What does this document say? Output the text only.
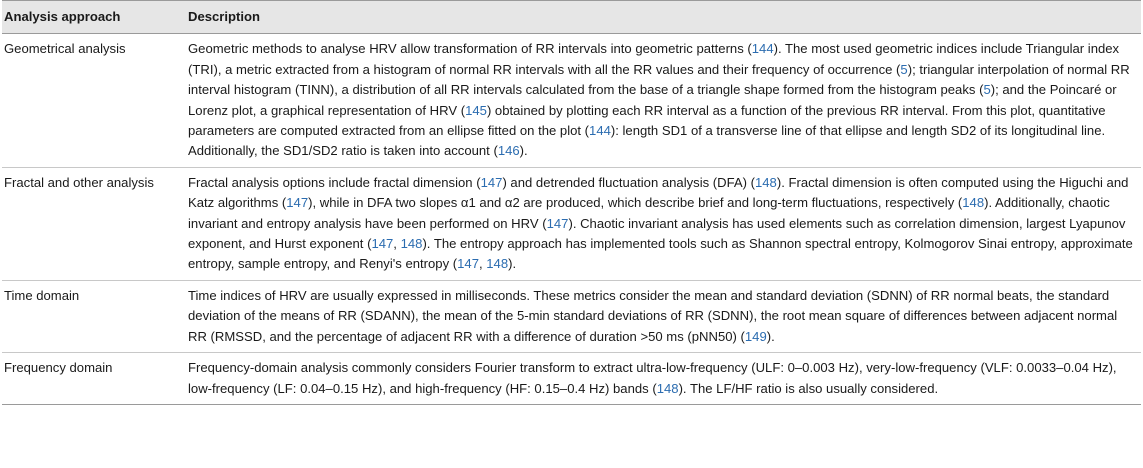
Analysis approach	Description
Geometrical analysis	Geometric methods to analyse HRV allow transformation of RR intervals into geometric patterns (144). The most used geometric indices include Triangular index (TRI), a metric extracted from a histogram of normal RR intervals with all the RR values and their frequency of occurrence (5); triangular interpolation of normal RR interval histogram (TINN), a distribution of all RR intervals calculated from the base of a triangle shape formed from the histogram peaks (5); and the Poincaré or Lorenz plot, a graphical representation of HRV (145) obtained by plotting each RR interval as a function of the previous RR interval. From this plot, quantitative parameters are computed extracted from an ellipse fitted on the plot (144): length SD1 of a transverse line of that ellipse and length SD2 of its longitudinal line. Additionally, the SD1/SD2 ratio is taken into account (146).
Fractal and other analysis	Fractal analysis options include fractal dimension (147) and detrended fluctuation analysis (DFA) (148). Fractal dimension is often computed using the Higuchi and Katz algorithms (147), while in DFA two slopes α1 and α2 are produced, which describe brief and long-term fluctuations, respectively (148). Additionally, chaotic invariant and entropy analysis have been performed on HRV (147). Chaotic invariant analysis has used elements such as correlation dimension, largest Lyapunov exponent, and Hurst exponent (147, 148). The entropy approach has implemented tools such as Shannon spectral entropy, Kolmogorov Sinai entropy, approximate entropy, sample entropy, and Renyi's entropy (147, 148).
Time domain	Time indices of HRV are usually expressed in milliseconds. These metrics consider the mean and standard deviation (SDNN) of RR normal beats, the standard deviation of the means of RR (SDANN), the mean of the 5-min standard deviations of RR (SDNN), the root mean square of differences between adjacent normal RR (RMSSD, and the percentage of adjacent RR with a difference of duration >50 ms (pNN50) (149).
Frequency domain	Frequency-domain analysis commonly considers Fourier transform to extract ultra-low-frequency (ULF: 0–0.003 Hz), very-low-frequency (VLF: 0.0033–0.04 Hz), low-frequency (LF: 0.04–0.15 Hz), and high-frequency (HF: 0.15–0.4 Hz) bands (148). The LF/HF ratio is also usually considered.
